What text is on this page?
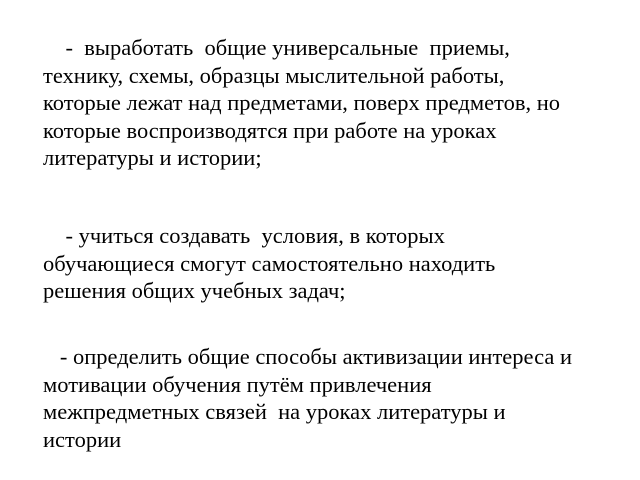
-  выработать  общие универсальные  приемы,
технику, схемы, образцы мыслительной работы,
которые лежат над предметами, поверх предметов, но
которые воспроизводятся при работе на уроках
литературы и истории;

- учиться создавать  условия, в которых
обучающиеся смогут самостоятельно находить
решения общих учебных задач;

- определить общие способы активизации интереса и
мотивации обучения путём привлечения
межпредметных связей  на уроках литературы и
истории
